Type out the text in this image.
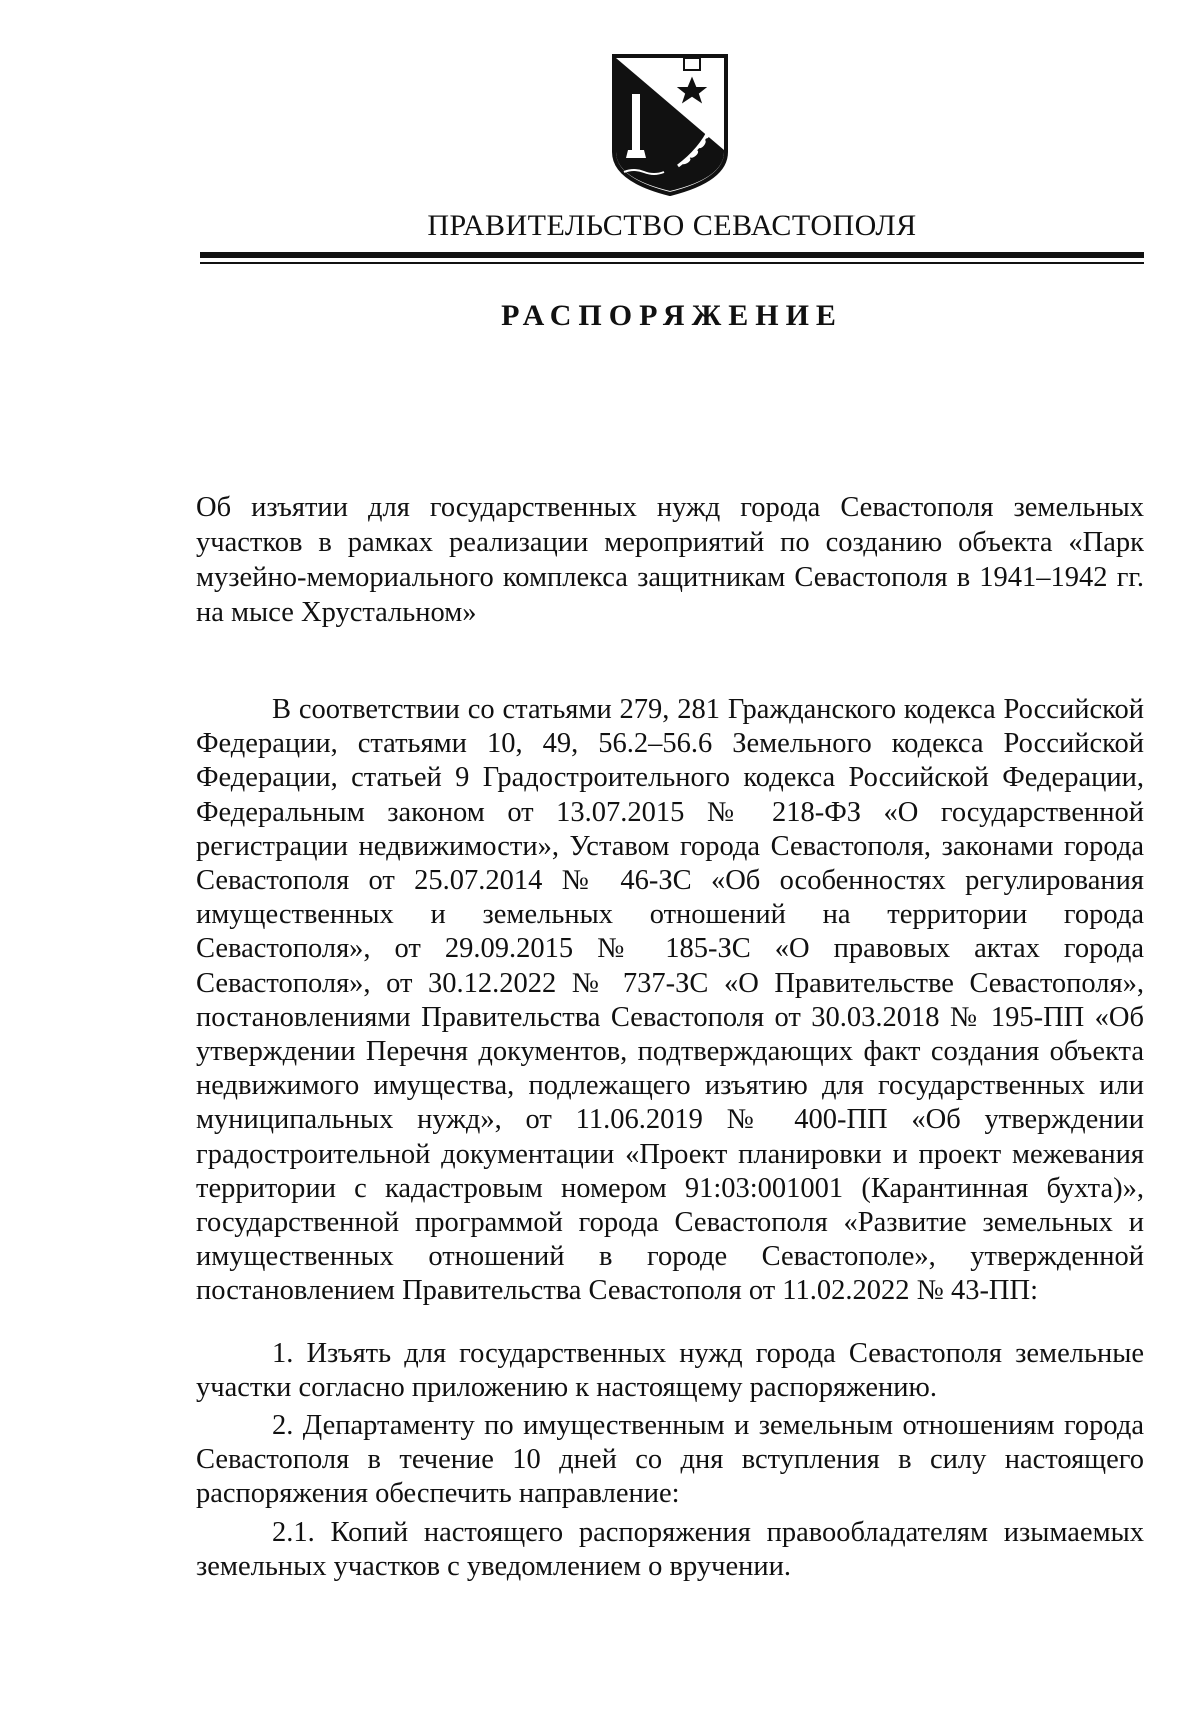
ПРАВИТЕЛЬСТВО СЕВАСТОПОЛЯ
РАСПОРЯЖЕНИЕ
Об изъятии для государственных нужд города Севастополя земельных участков в рамках реализации мероприятий по созданию объекта «Парк музейно-мемориального комплекса защитникам Севастополя в 1941–1942 гг. на мысе Хрустальном»

В соответствии со статьями 279, 281 Гражданского кодекса Российской Федерации, статьями 10, 49, 56.2–56.6 Земельного кодекса Российской Федерации, статьей 9 Градостроительного кодекса Российской Федерации, Федеральным законом от 13.07.2015 № 218-ФЗ «О государственной регистрации недвижимости», Уставом города Севастополя, законами города Севастополя от 25.07.2014 № 46-ЗС «Об особенностях регулирования имущественных и земельных отношений на территории города Севастополя», от 29.09.2015 № 185-ЗС «О правовых актах города Севастополя», от 30.12.2022 № 737-ЗС «О Правительстве Севастополя», постановлениями Правительства Севастополя от 30.03.2018 № 195-ПП «Об утверждении Перечня документов, подтверждающих факт создания объекта недвижимого имущества, подлежащего изъятию для государственных или муниципальных нужд», от 11.06.2019 № 400-ПП «Об утверждении градостроительной документации «Проект планировки и проект межевания территории с кадастровым номером 91:03:001001 (Карантинная бухта)», государственной программой города Севастополя «Развитие земельных и имущественных отношений в городе Севастополе», утвержденной постановлением Правительства Севастополя от 11.02.2022 № 43-ПП:

1. Изъять для государственных нужд города Севастополя земельные участки согласно приложению к настоящему распоряжению.

2. Департаменту по имущественным и земельным отношениям города Севастополя в течение 10 дней со дня вступления в силу настоящего распоряжения обеспечить направление:

2.1. Копий настоящего распоряжения правообладателям изымаемых земельных участков с уведомлением о вручении.
